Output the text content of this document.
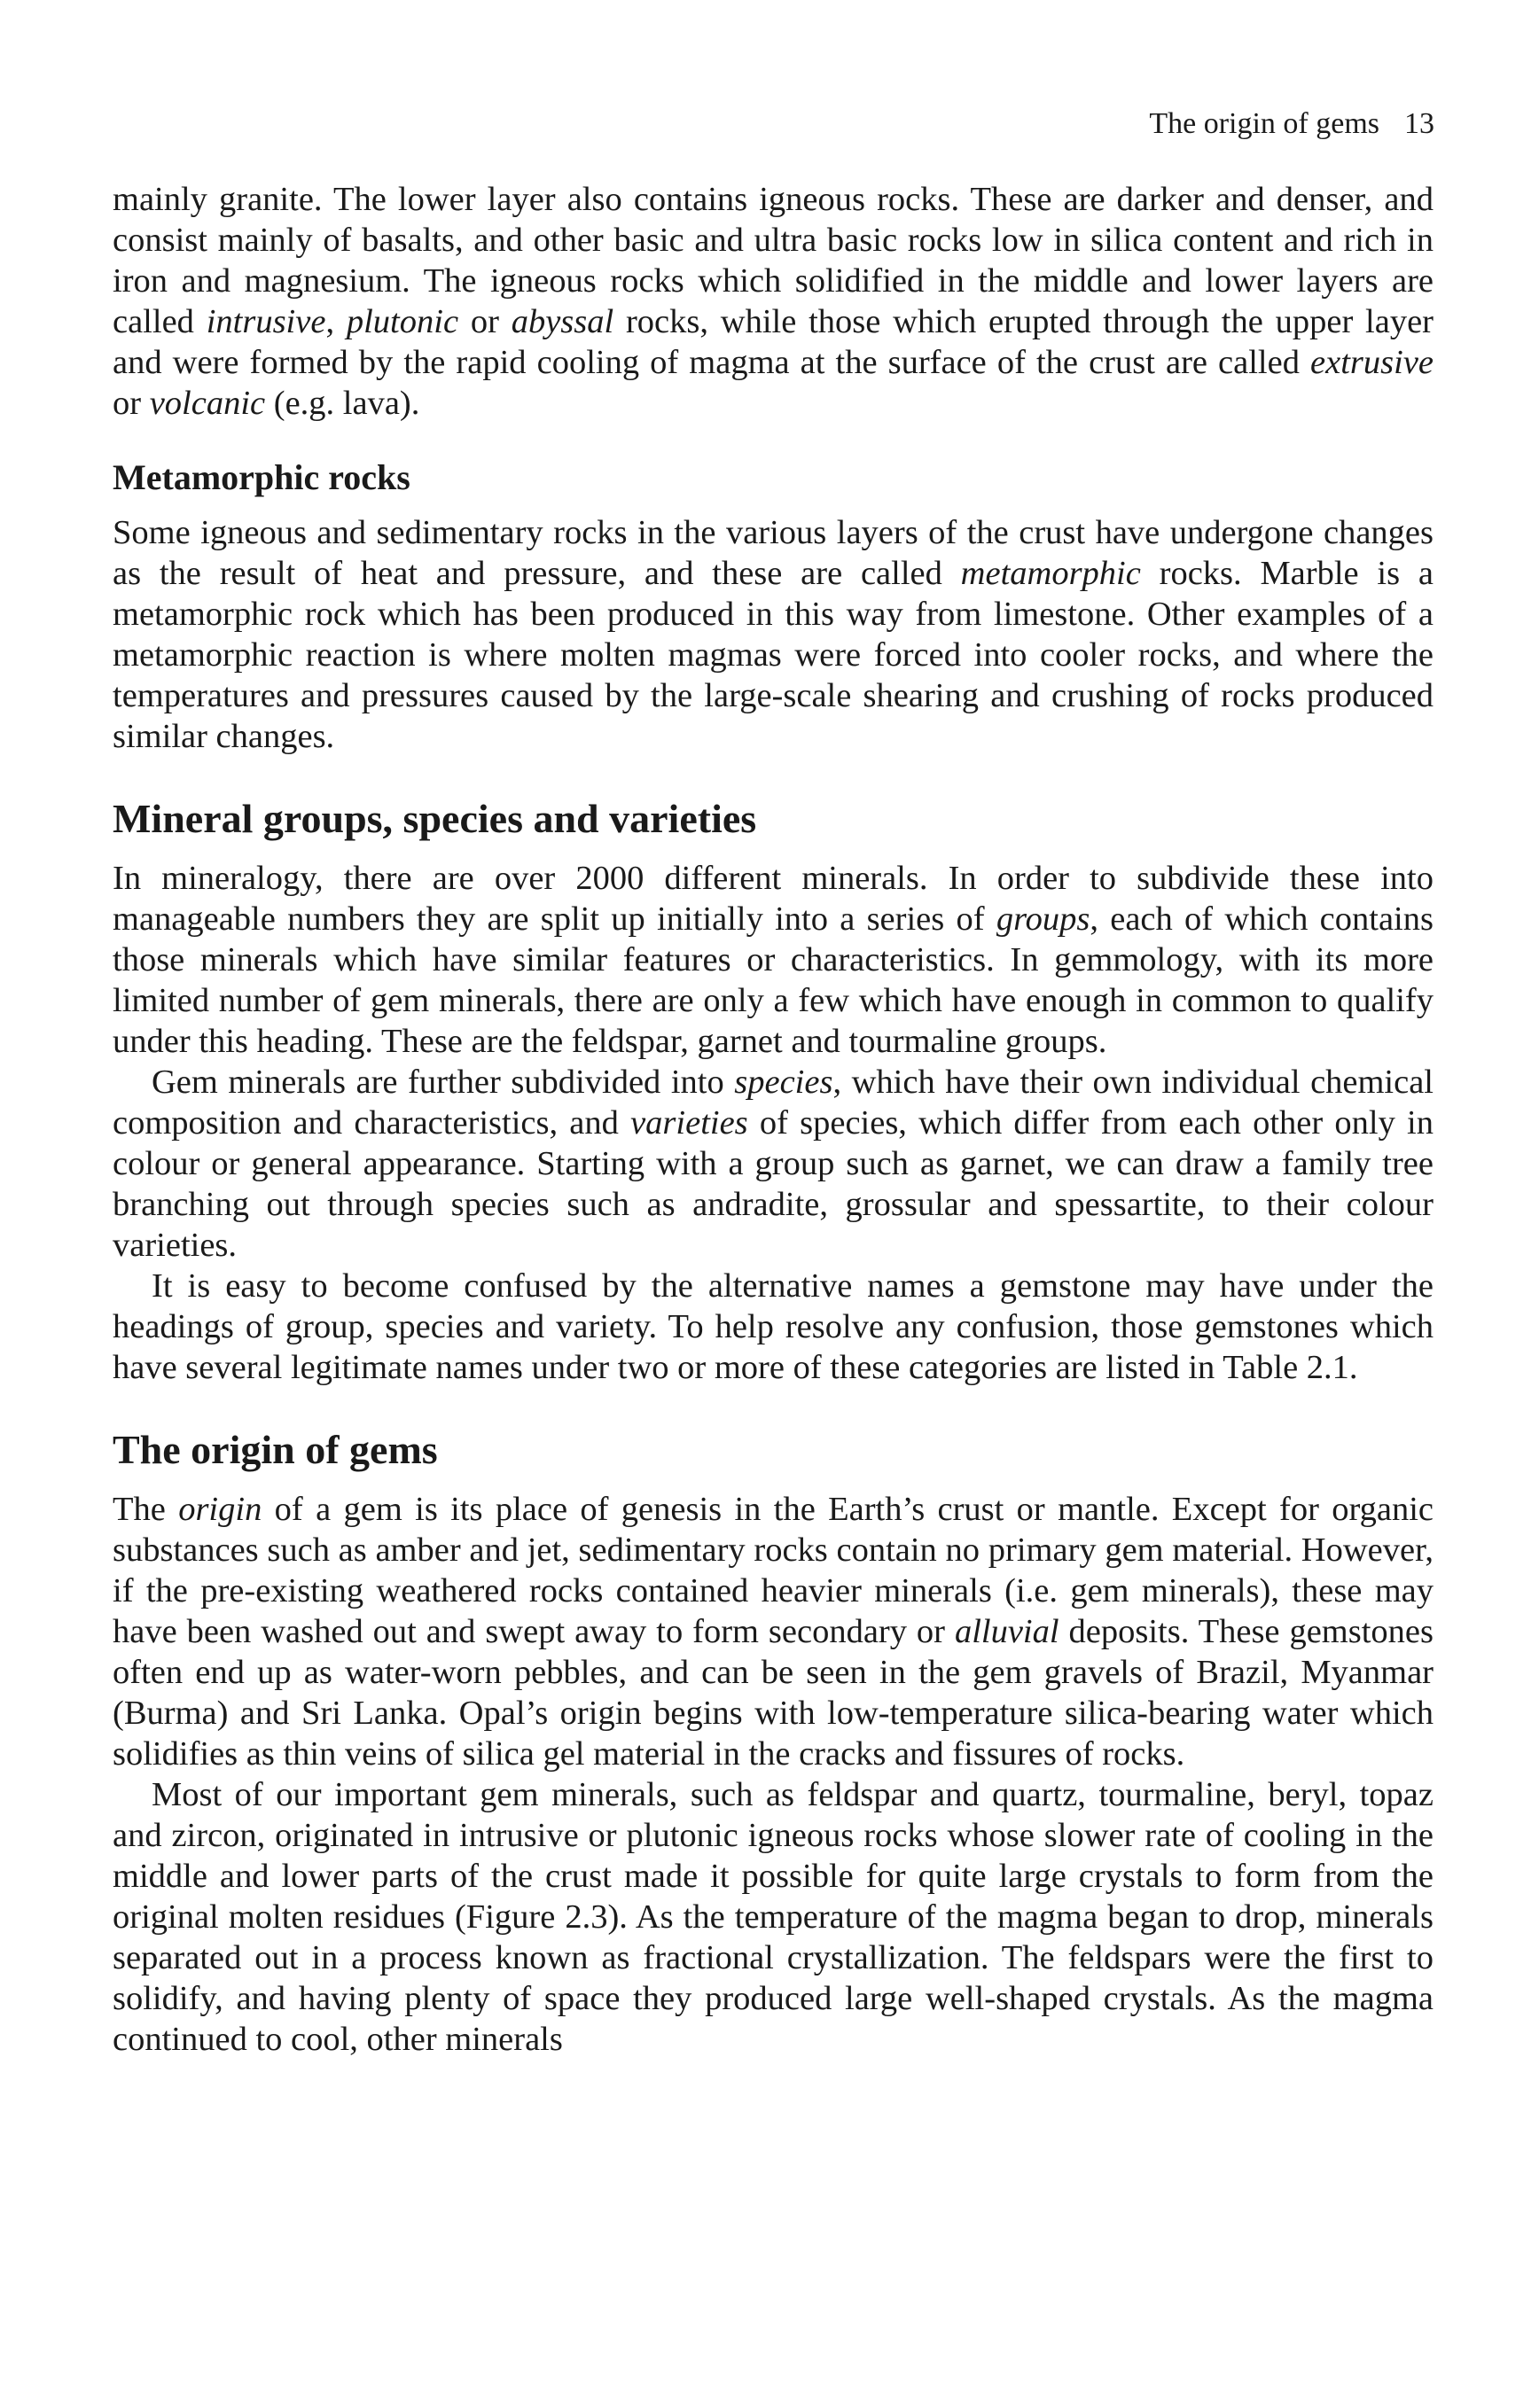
The origin of gems 13

mainly granite. The lower layer also contains igneous rocks. These are darker and denser, and consist mainly of basalts, and other basic and ultra basic rocks low in silica content and rich in iron and magnesium. The igneous rocks which solidified in the middle and lower layers are called intrusive, plutonic or abyssal rocks, while those which erupted through the upper layer and were formed by the rapid cooling of magma at the surface of the crust are called extrusive or volcanic (e.g. lava).

Metamorphic rocks

Some igneous and sedimentary rocks in the various layers of the crust have undergone changes as the result of heat and pressure, and these are called metamorphic rocks. Marble is a metamorphic rock which has been produced in this way from limestone. Other examples of a metamorphic reaction is where molten magmas were forced into cooler rocks, and where the temperatures and pressures caused by the large-scale shearing and crushing of rocks produced similar changes.

Mineral groups, species and varieties

In mineralogy, there are over 2000 different minerals. In order to subdivide these into manageable numbers they are split up initially into a series of groups, each of which contains those minerals which have similar features or characteristics. In gemmology, with its more limited number of gem minerals, there are only a few which have enough in common to qualify under this heading. These are the feldspar, garnet and tourmaline groups.

Gem minerals are further subdivided into species, which have their own individual chemical composition and characteristics, and varieties of species, which differ from each other only in colour or general appearance. Starting with a group such as garnet, we can draw a family tree branching out through species such as andradite, grossular and spessartite, to their colour varieties.

It is easy to become confused by the alternative names a gemstone may have under the headings of group, species and variety. To help resolve any confusion, those gemstones which have several legitimate names under two or more of these categories are listed in Table 2.1.

The origin of gems

The origin of a gem is its place of genesis in the Earth’s crust or mantle. Except for organic substances such as amber and jet, sedimentary rocks contain no primary gem material. However, if the pre-existing weathered rocks contained heavier minerals (i.e. gem minerals), these may have been washed out and swept away to form secondary or alluvial deposits. These gemstones often end up as water-worn pebbles, and can be seen in the gem gravels of Brazil, Myanmar (Burma) and Sri Lanka. Opal’s origin begins with low-temperature silica-bearing water which solidifies as thin veins of silica gel material in the cracks and fissures of rocks.

Most of our important gem minerals, such as feldspar and quartz, tourmaline, beryl, topaz and zircon, originated in intrusive or plutonic igneous rocks whose slower rate of cooling in the middle and lower parts of the crust made it possible for quite large crystals to form from the original molten residues (Figure 2.3). As the temperature of the magma began to drop, minerals separated out in a process known as fractional crystallization. The feldspars were the first to solidify, and having plenty of space they produced large well-shaped crystals. As the magma continued to cool, other minerals
